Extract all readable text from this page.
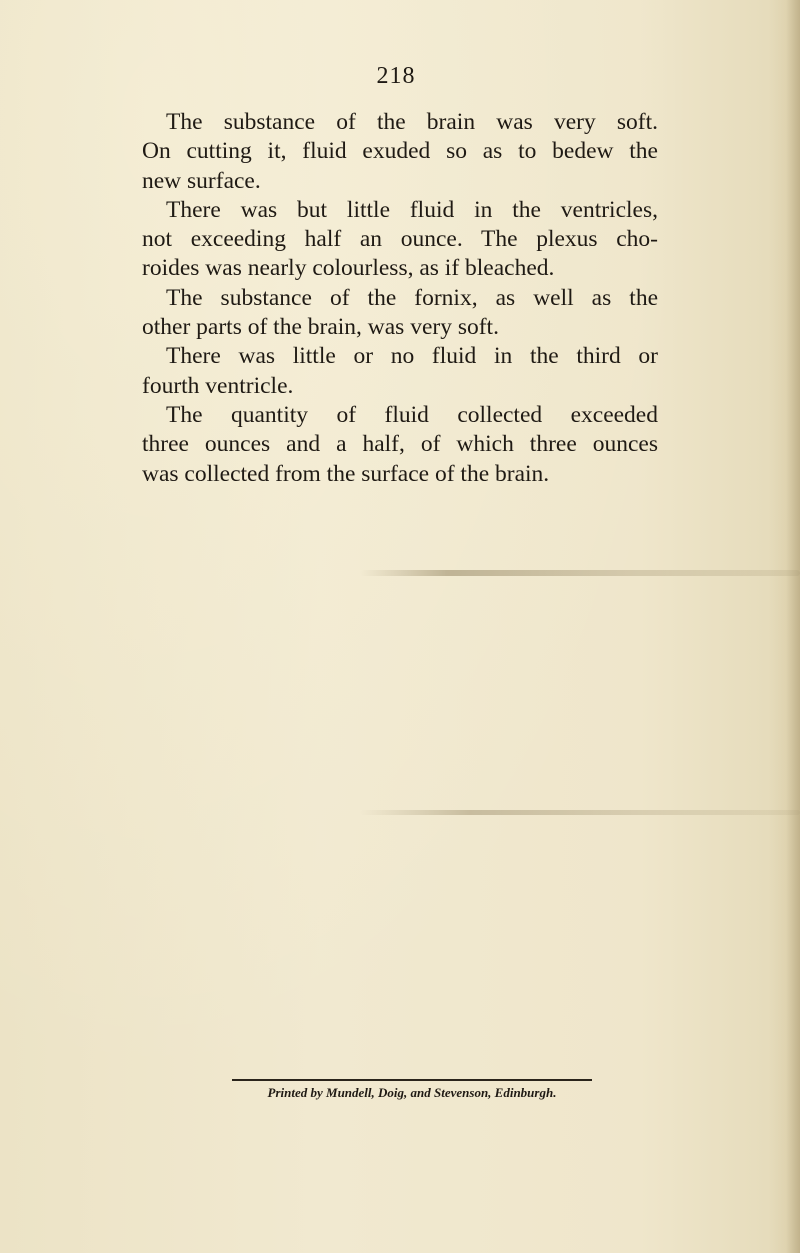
218

The substance of the brain was very soft.
On cutting it, fluid exuded so as to bedew the
new surface.

There was but little fluid in the ventricles,
not exceeding half an ounce. The plexus cho-
roides was nearly colourless, as if bleached.

The substance of the fornix, as well as the
other parts of the brain, was very soft.

There was little or no fluid in the third or
fourth ventricle.

The quantity of fluid collected exceeded
three ounces and a half, of which three ounces
was collected from the surface of the brain.

Printed by Mundell, Doig, and Stevenson, Edinburgh.
